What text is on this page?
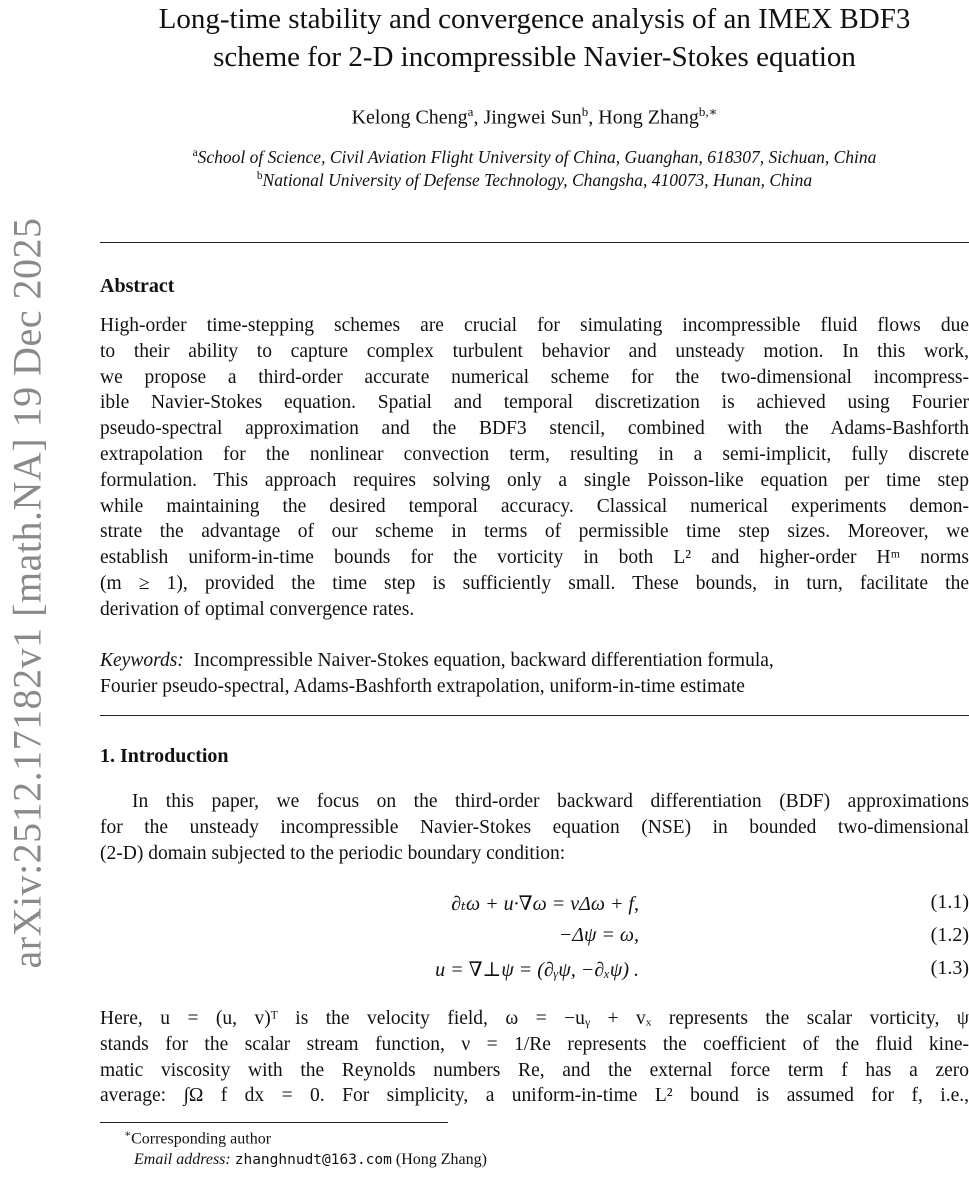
arXiv:2512.17182v1 [math.NA] 19 Dec 2025
Long-time stability and convergence analysis of an IMEX BDF3
scheme for 2-D incompressible Navier-Stokes equation
Kelong Cheng$^a$, Jingwei Sun$^b$, Hong Zhang$^{b,∗}$
$^a$School of Science, Civil Aviation Flight University of China, Guanghan, 618307, Sichuan, China
$^b$National University of Defense Technology, Changsha, 410073, Hunan, China
Abstract
High-order time-stepping schemes are crucial for simulating incompressible fluid flows due
to their ability to capture complex turbulent behavior and unsteady motion. In this work,
we propose a third-order accurate numerical scheme for the two-dimensional incompress-
ible Navier-Stokes equation. Spatial and temporal discretization is achieved using Fourier
pseudo-spectral approximation and the BDF3 stencil, combined with the Adams-Bashforth
extrapolation for the nonlinear convection term, resulting in a semi-implicit, fully discrete
formulation. This approach requires solving only a single Poisson-like equation per time step
while maintaining the desired temporal accuracy. Classical numerical experiments demon-
strate the advantage of our scheme in terms of permissible time step sizes. Moreover, we
establish uniform-in-time bounds for the vorticity in both L² and higher-order Hᵐ norms
(m ≥ 1), provided the time step is sufficiently small. These bounds, in turn, facilitate the
derivation of optimal convergence rates.
Keywords: Incompressible Naiver-Stokes equation, backward differentiation formula,
Fourier pseudo-spectral, Adams-Bashforth extrapolation, uniform-in-time estimate
1. Introduction
In this paper, we focus on the third-order backward differentiation (BDF) approximations
for the unsteady incompressible Navier-Stokes equation (NSE) in bounded two-dimensional
(2-D) domain subjected to the periodic boundary condition:
∂ₜω + u·∇ω = νΔω + f,	(1.1)
−Δψ = ω,	(1.2)
u = ∇⊥ψ = (∂ᵧψ, −∂ₓψ) .	(1.3)
Here, u = (u, v)ᵀ is the velocity field, ω = −uᵧ + vₓ represents the scalar vorticity, ψ
stands for the scalar stream function, ν = 1/Re represents the coefficient of the fluid kine-
matic viscosity with the Reynolds numbers Re, and the external force term f has a zero
average: ∫Ω f dx = 0. For simplicity, a uniform-in-time L² bound is assumed for f, i.e.,
∗Corresponding author
Email address: zhanghnudt@163.com (Hong Zhang)
